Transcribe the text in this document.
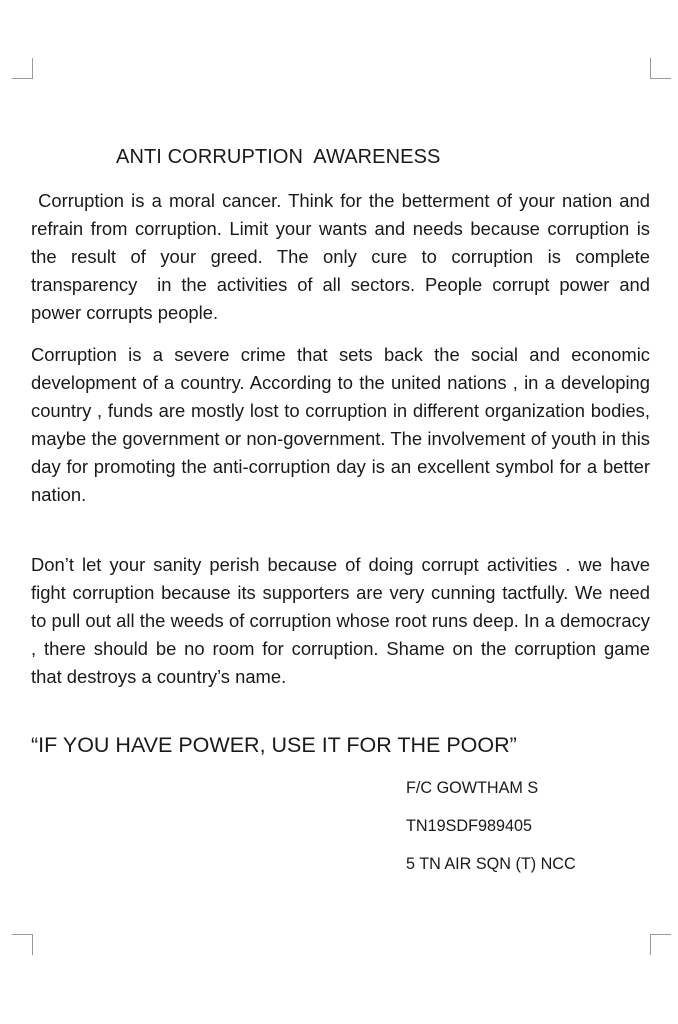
ANTI CORRUPTION  AWARENESS

Corruption is a moral cancer. Think for the betterment of your nation and refrain from corruption. Limit your wants and needs because corruption is the result of your greed. The only cure to corruption is complete transparency  in the activities of all sectors. People corrupt power and power corrupts people.

Corruption is a severe crime that sets back the social and economic development of a country. According to the united nations , in a developing country , funds are mostly lost to corruption in different organization bodies, maybe the government or non-government. The involvement of youth in this day for promoting the anti-corruption day is an excellent symbol for a better nation.

Don’t let your sanity perish because of doing corrupt activities . we have  fight corruption because its supporters are very cunning tactfully. We need to pull out all the weeds of corruption whose root runs deep. In a democracy , there should be no room for corruption. Shame on the corruption game that destroys a country’s name.

“IF YOU HAVE POWER, USE IT FOR THE POOR”

F/C GOWTHAM S

TN19SDF989405

5 TN AIR SQN (T) NCC
